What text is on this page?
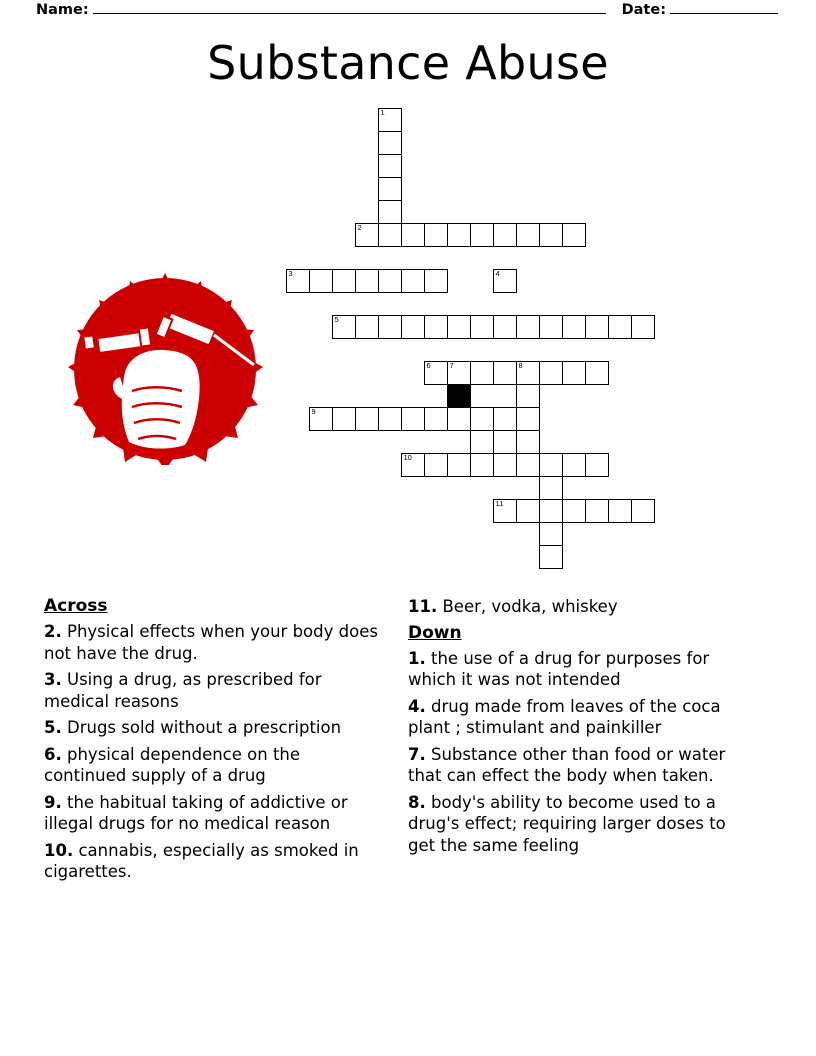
Name:	Date:
Substance Abuse
1
2
3	4
5
6	7	8
9
10
11
Across
2. Physical effects when your body does not have the drug.
3. Using a drug, as prescribed for medical reasons
5. Drugs sold without a prescription
6. physical dependence on the continued supply of a drug
9. the habitual taking of addictive or illegal drugs for no medical reason
10. cannabis, especially as smoked in cigarettes.
11. Beer, vodka, whiskey
Down
1. the use of a drug for purposes for which it was not intended
4. drug made from leaves of the coca plant ; stimulant and painkiller
7. Substance other than food or water that can effect the body when taken.
8. body's ability to become used to a drug's effect; requiring larger doses to get the same feeling
